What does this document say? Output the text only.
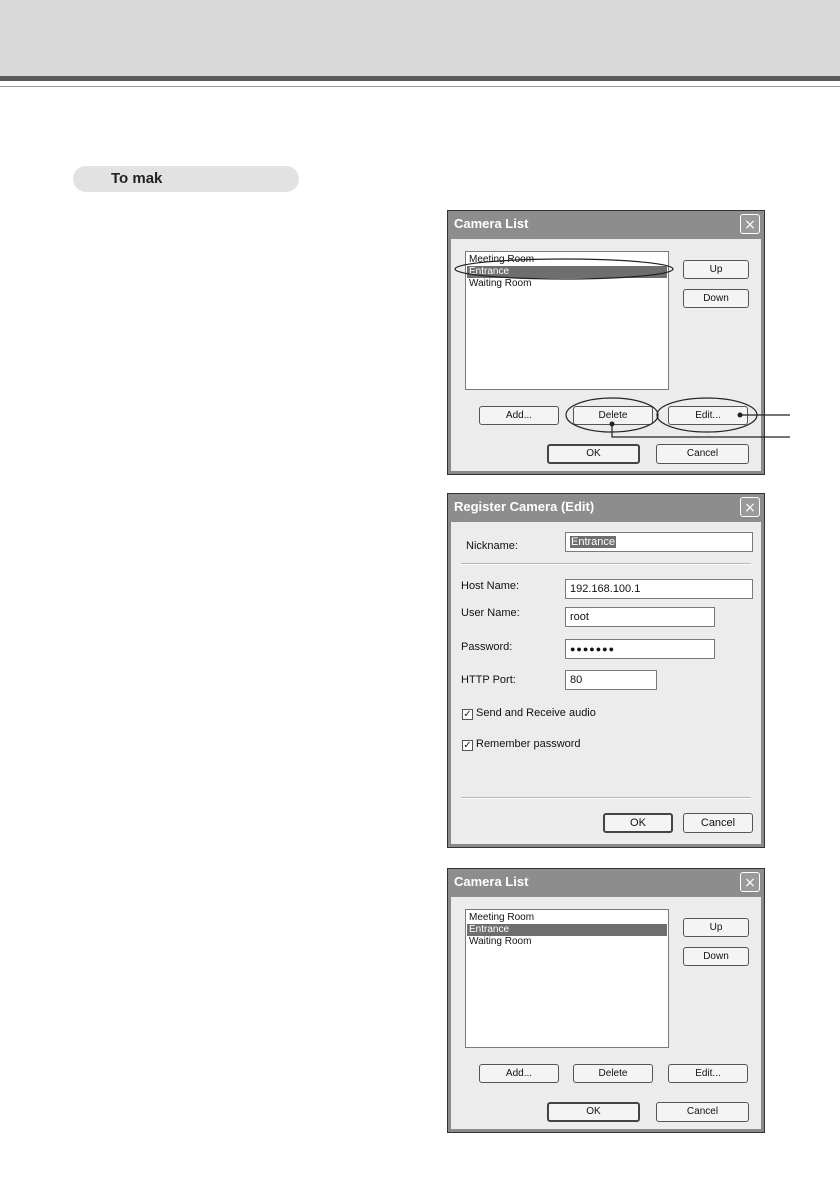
To mak
Camera List	×
Meeting Room
Entrance
Waiting Room
Up
Down
Add...	Delete	Edit...
OK	Cancel
Register Camera (Edit)	×
Nickname:	Entrance
Host Name:	192.168.100.1
User Name:	root
Password:	●●●●●●●
HTTP Port:	80
✓ Send and Receive audio
✓ Remember password
OK	Cancel
Camera List	×
Meeting Room
Entrance
Waiting Room
Up
Down
Add...	Delete	Edit...
OK	Cancel
